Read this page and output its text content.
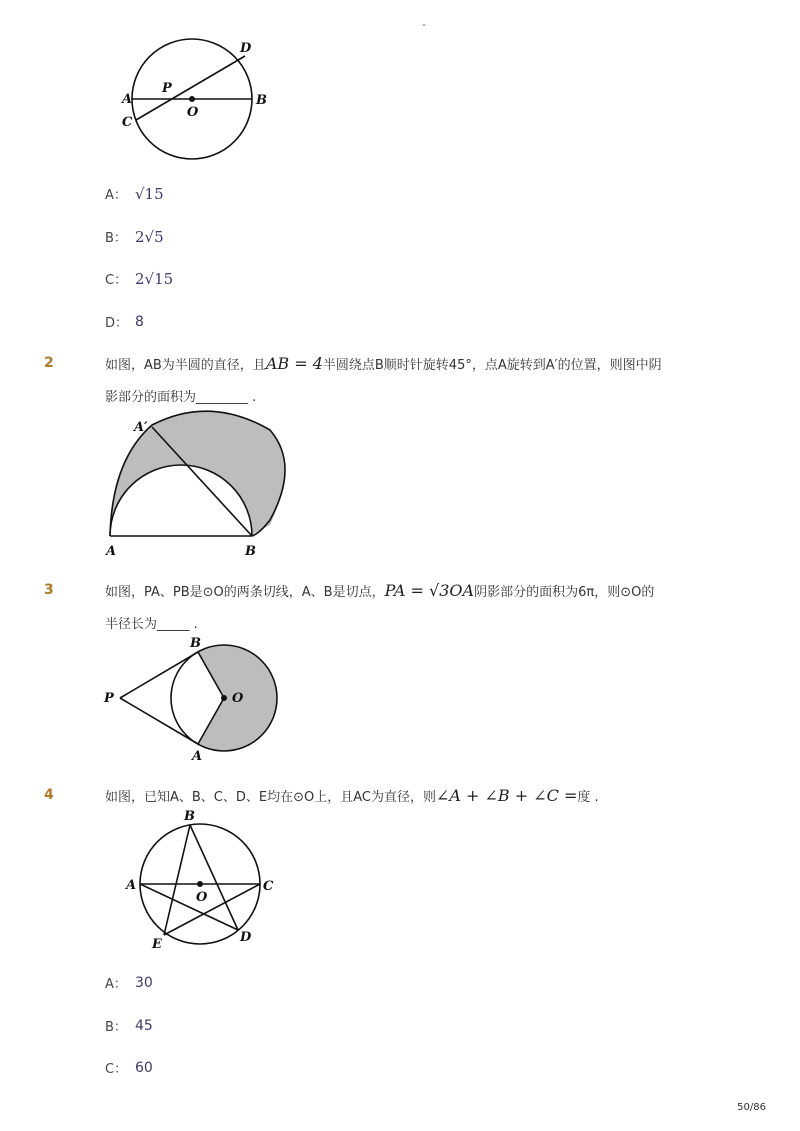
-
D
A	B
P
O
C
A： √15
B： 2√5
C： 2√15
D： 8
2	如图，AB为半圆的直径，且AB = 4半圆绕点B顺时针旋转45°，点A旋转到A′的位置，则图中阴
影部分的面积为________ .
A′
A	B
3	如图，PA、PB是⊙O的两条切线，A、B是切点，PA = √3OA阴影部分的面积为6π，则⊙O的
半径长为_____ .
B
P	O
A
4	如图，已知A、B、C、D、E均在⊙O上，且AC为直径，则∠A + ∠B + ∠C =度 .
B
A	C
O
E	D
A： 30
B： 45
C： 60
50/86
